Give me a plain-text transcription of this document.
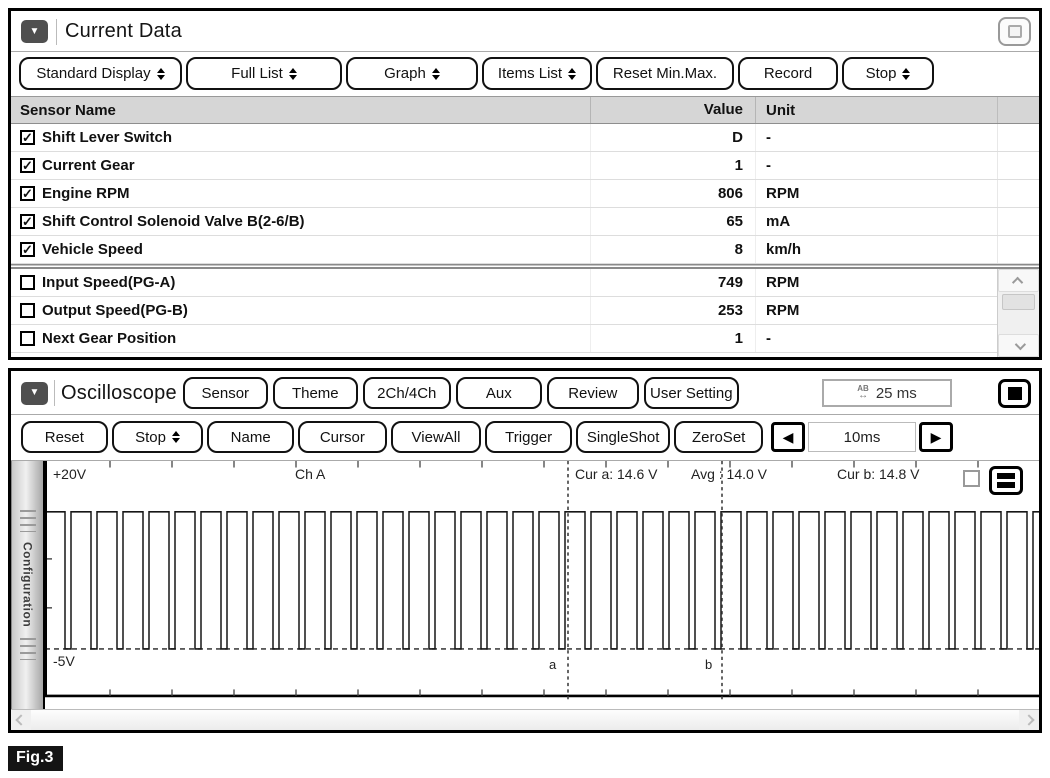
▼ Current Data
Standard Display	Full List	Graph	Items List	Reset Min.Max.	Record	Stop
Sensor Name	Value	Unit
✓ Shift Lever Switch	D	-
✓ Current Gear	1	-
✓ Engine RPM	806	RPM
✓ Shift Control Solenoid Valve B(2-6/B)	65	mA
✓ Vehicle Speed	8	km/h
Input Speed(PG-A)	749	RPM
Output Speed(PG-B)	253	RPM
Next Gear Position	1	-
▼ Oscilloscope Sensor	Theme	2Ch/4Ch	Aux	Review User Setting	AB
↔ 25 ms
Reset	Stop	Name	Cursor	ViewAll	Trigger SingleShot ZeroSet	◀	10ms	▶
Configuration
+20V	Ch A	Cur a: 14.6 V Avg : 14.0 V	Cur b: 14.8 V
-5V	a	b
Fig.3
